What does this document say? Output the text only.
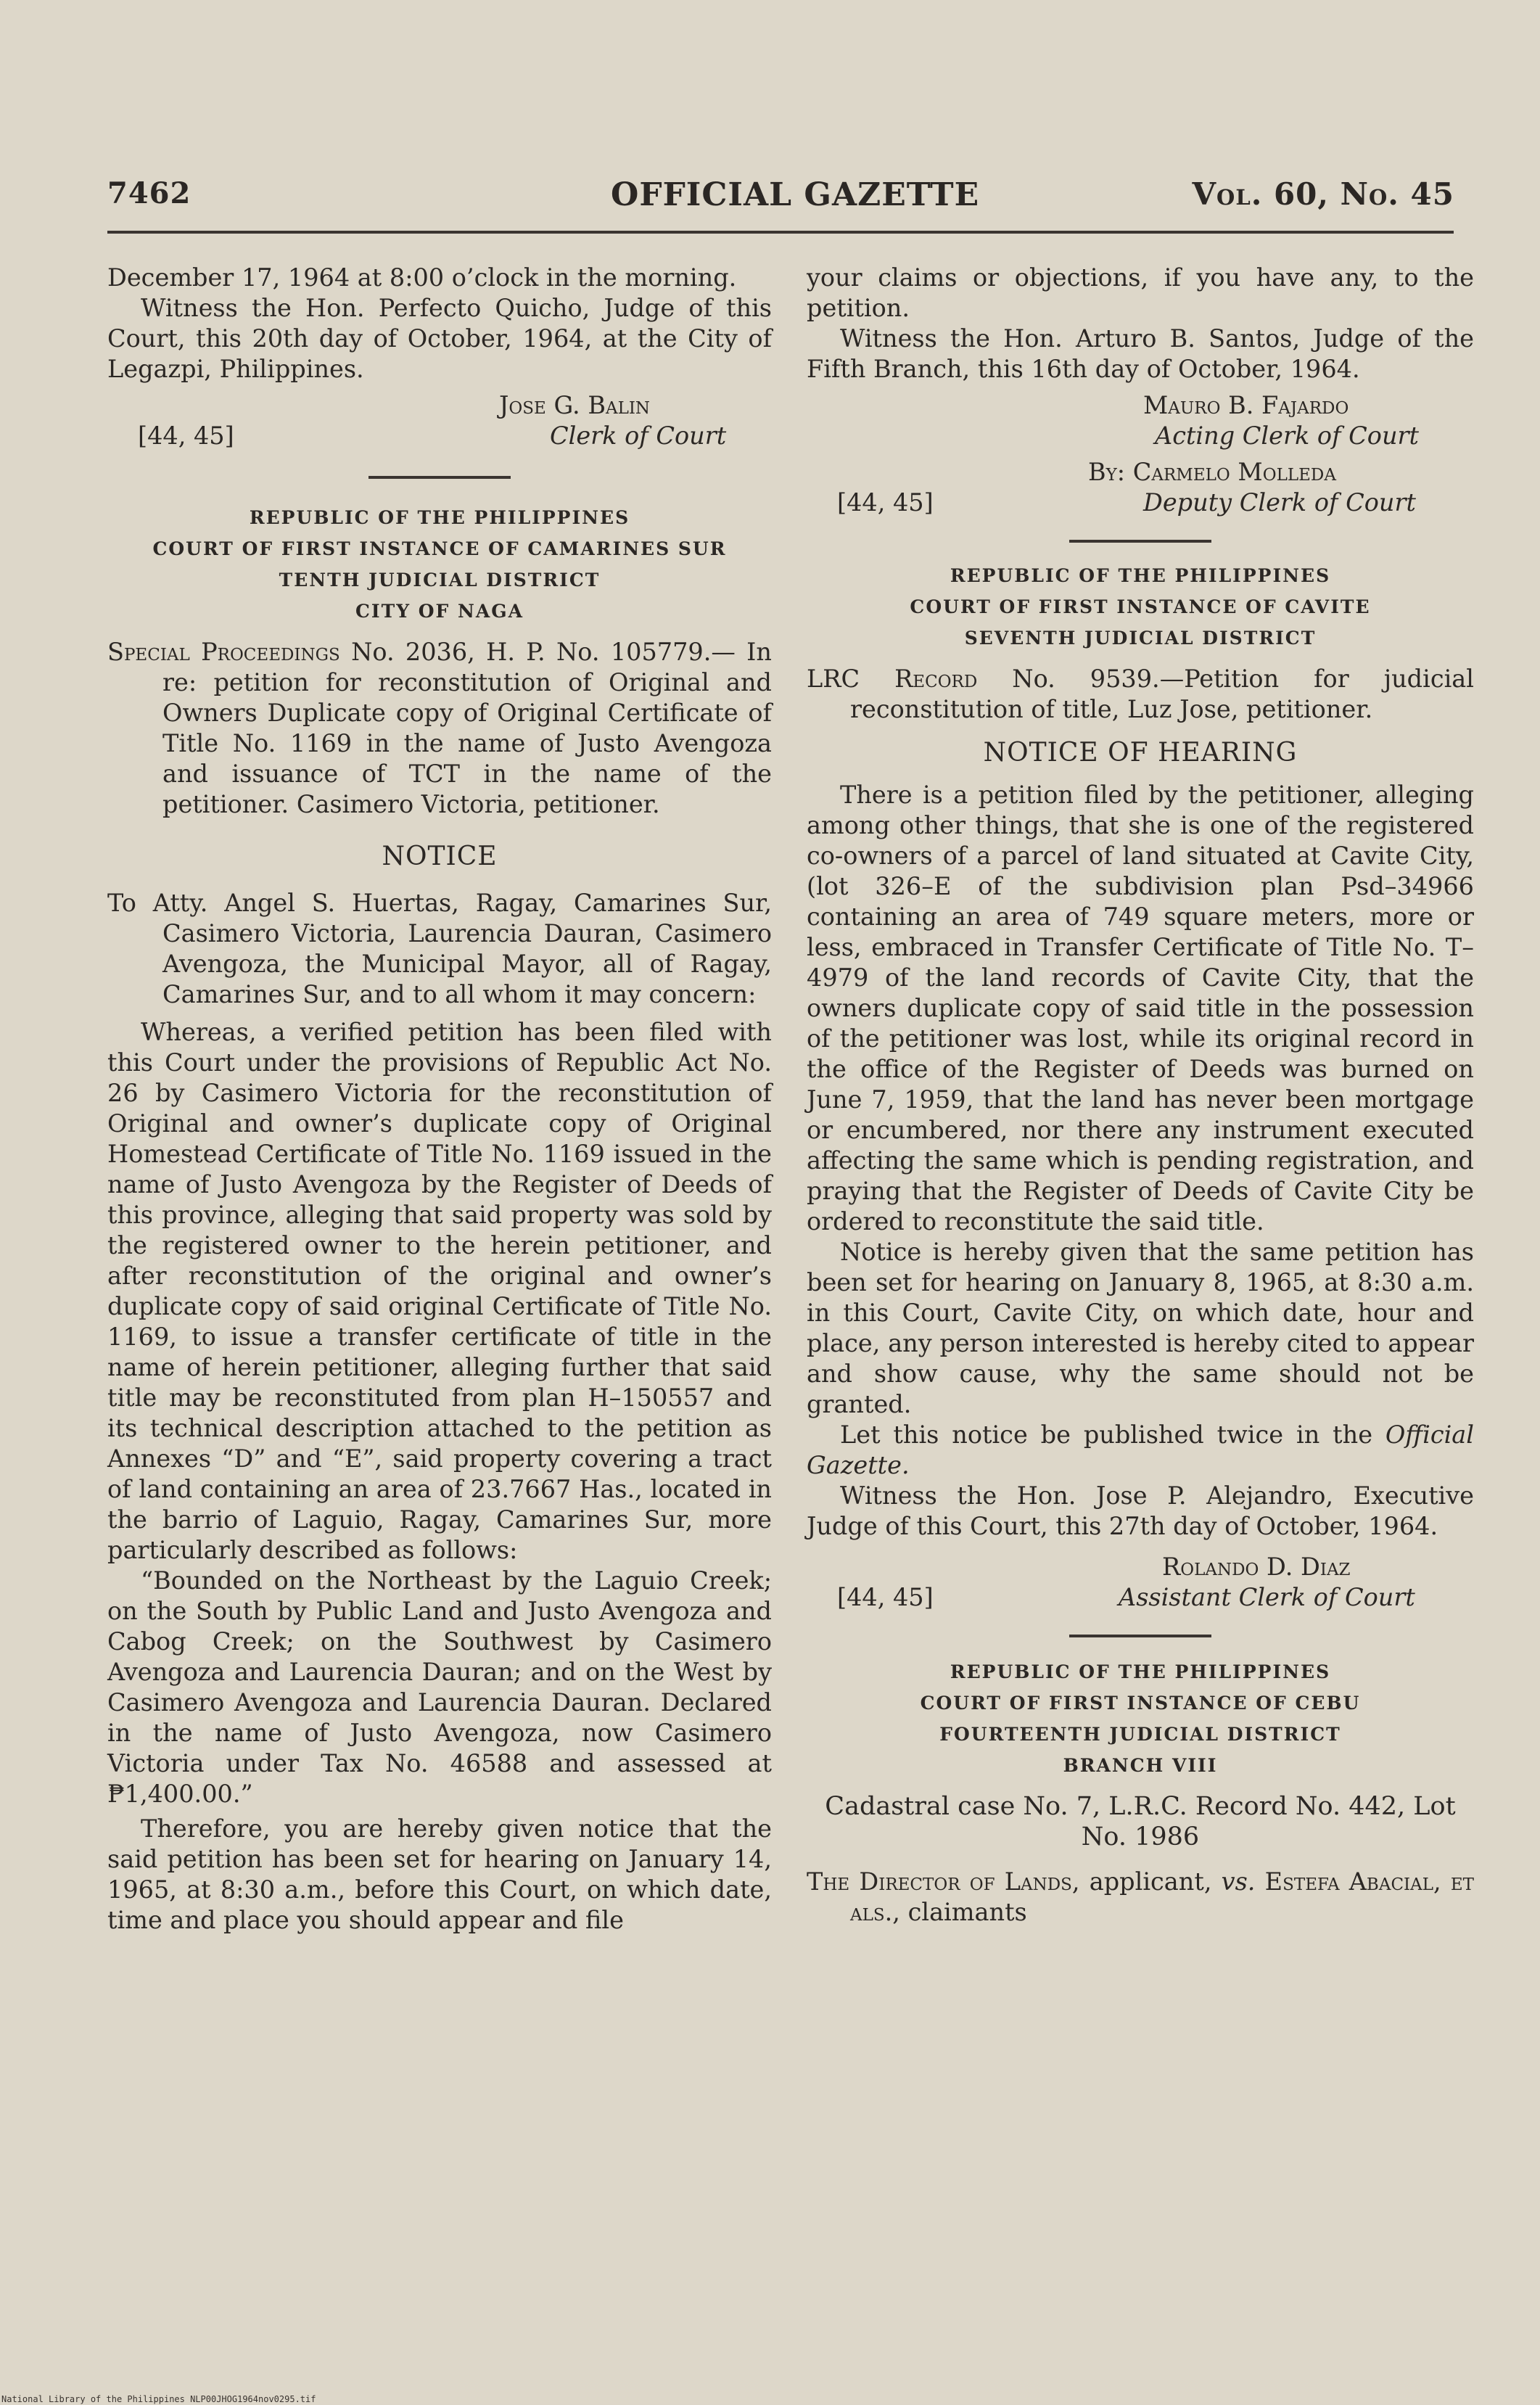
7462	OFFICIAL GAZETTE	Vol. 60, No. 45

December 17, 1964 at 8:00 o’clock in the morning.

Witness the Hon. Perfecto Quicho, Judge of this Court, this 20th day of October, 1964, at the City of Legazpi, Philippines.

Jose G. Balin
[44, 45]	Clerk of Court
REPUBLIC OF THE PHILIPPINES
COURT OF FIRST INSTANCE OF CAMARINES SUR
TENTH JUDICIAL DISTRICT
CITY OF NAGA

Special Proceedings No. 2036, H. P. No. 105779.— In re: petition for reconstitution of Original and Owners Duplicate copy of Original Certificate of Title No. 1169 in the name of Justo Avengoza and issuance of TCT in the name of the petitioner. Casimero Victoria, petitioner.

NOTICE

To Atty. Angel S. Huertas, Ragay, Camarines Sur, Casimero Victoria, Laurencia Dauran, Casimero Avengoza, the Municipal Mayor, all of Ragay, Camarines Sur, and to all whom it may concern:

Whereas, a verified petition has been filed with this Court under the provisions of Republic Act No. 26 by Casimero Victoria for the reconstitution of Original and owner’s duplicate copy of Original Homestead Certificate of Title No. 1169 issued in the name of Justo Avengoza by the Register of Deeds of this province, alleging that said property was sold by the registered owner to the herein petitioner, and after reconstitution of the original and owner’s duplicate copy of said original Certificate of Title No. 1169, to issue a transfer certificate of title in the name of herein petitioner, alleging further that said title may be reconstituted from plan H–150557 and its technical description attached to the petition as Annexes “D” and “E”, said property covering a tract of land containing an area of 23.7667 Has., located in the barrio of Laguio, Ragay, Camarines Sur, more particularly described as follows:

“Bounded on the Northeast by the Laguio Creek; on the South by Public Land and Justo Avengoza and Cabog Creek; on the Southwest by Casimero Avengoza and Laurencia Dauran; and on the West by Casimero Avengoza and Laurencia Dauran. Declared in the name of Justo Avengoza, now Casimero Victoria under Tax No. 46588 and assessed at ₱1,400.00.”

Therefore, you are hereby given notice that the said petition has been set for hearing on January 14, 1965, at 8:30 a.m., before this Court, on which date, time and place you should appear and file

your claims or objections, if you have any, to the petition.

Witness the Hon. Arturo B. Santos, Judge of the Fifth Branch, this 16th day of October, 1964.

Mauro B. Fajardo
Acting Clerk of Court
By: Carmelo Molleda
[44, 45]	Deputy Clerk of Court
REPUBLIC OF THE PHILIPPINES
COURT OF FIRST INSTANCE OF CAVITE
SEVENTH JUDICIAL DISTRICT

LRC Record No. 9539.—Petition for judicial reconstitution of title, Luz Jose, petitioner.

NOTICE OF HEARING

There is a petition filed by the petitioner, alleging among other things, that she is one of the registered co-owners of a parcel of land situated at Cavite City, (lot 326–E of the subdivision plan Psd–34966 containing an area of 749 square meters, more or less, embraced in Transfer Certificate of Title No. T–4979 of the land records of Cavite City, that the owners duplicate copy of said title in the possession of the petitioner was lost, while its original record in the office of the Register of Deeds was burned on June 7, 1959, that the land has never been mortgage or encumbered, nor there any instrument executed affecting the same which is pending registration, and praying that the Register of Deeds of Cavite City be ordered to reconstitute the said title.

Notice is hereby given that the same petition has been set for hearing on January 8, 1965, at 8:30 a.m. in this Court, Cavite City, on which date, hour and place, any person interested is hereby cited to appear and show cause, why the same should not be granted.

Let this notice be published twice in the Official Gazette.

Witness the Hon. Jose P. Alejandro, Executive Judge of this Court, this 27th day of October, 1964.

Rolando D. Diaz
[44, 45]	Assistant Clerk of Court
REPUBLIC OF THE PHILIPPINES
COURT OF FIRST INSTANCE OF CEBU
FOURTEENTH JUDICIAL DISTRICT
BRANCH VIII

Cadastral case No. 7, L.R.C. Record No. 442, Lot No. 1986

The Director of Lands, applicant, vs. Estefa Abacial, et als., claimants

National Library of the Philippines NLP00JHOG1964nov0295.tif
